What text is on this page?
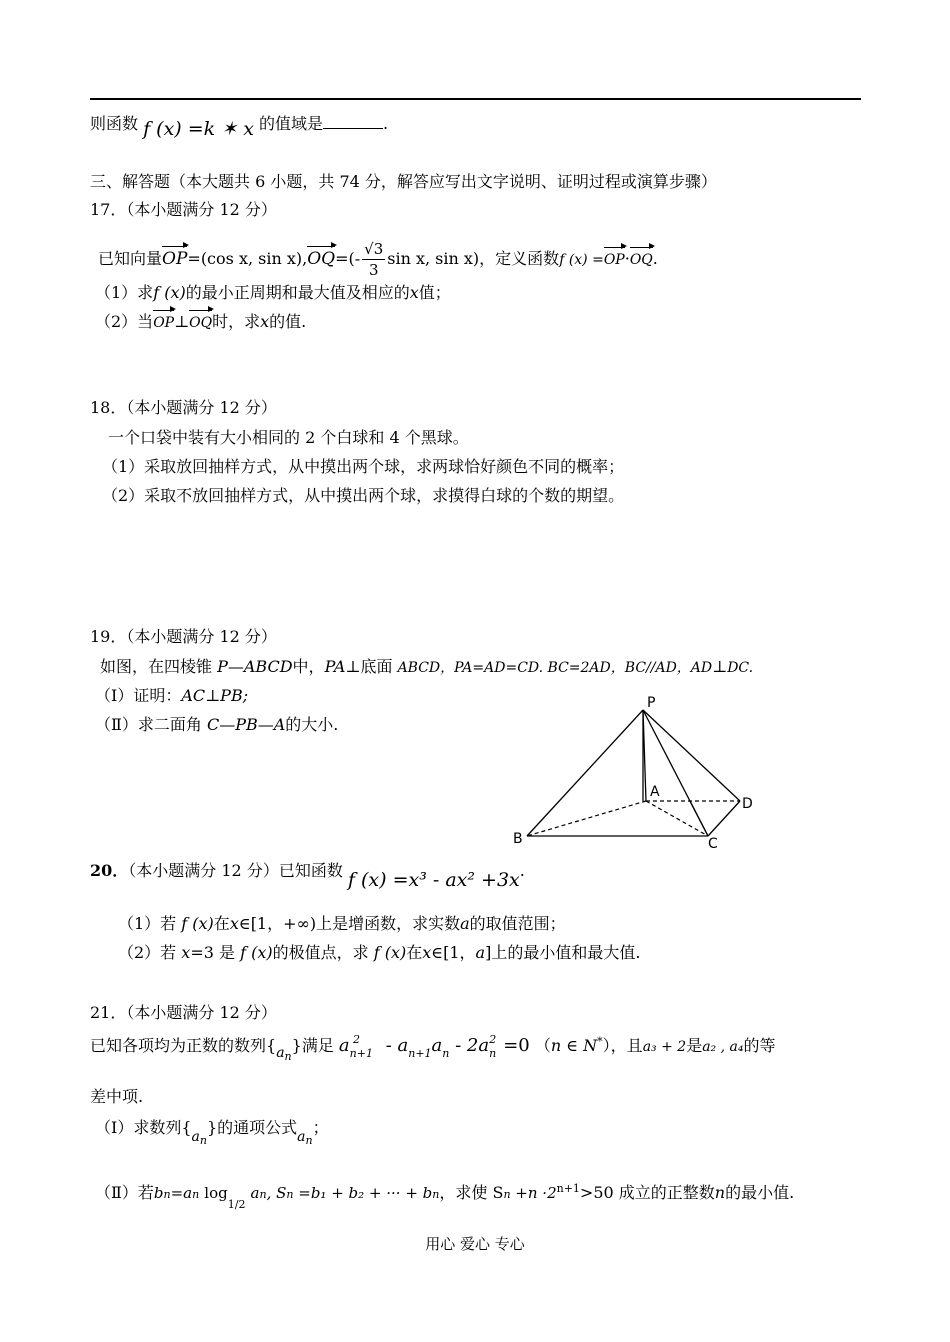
则函数 f (x) =k ✶ x 的值域是	.
三、解答题（本大题共 6 小题，共 74 分，解答应写出文字说明、证明过程或演算步骤）
17．（本小题满分 12 分）
已知向量OP=(cos x, $\sin x),OQ=(- \frac{√3}{3}$ sin x, sin x)，定义函数f (x) =OP·OQ.
（1）求f (x)的最小正周期和最大值及相应的x值；
（2）当OP⊥OQ时，求x的值.
18．（本小题满分 12 分）
一个口袋中装有大小相同的 2 个白球和 4 个黑球。
（1）采取放回抽样方式，从中摸出两个球，求两球恰好颜色不同的概率；
（2）采取不放回抽样方式，从中摸出两个球，求摸得白球的个数的期望。
19．（本小题满分 12 分）
如图，在四棱锥 P—ABCD中，PA⊥底面 ABCD，PA=AD=CD. BC=2AD，BC//AD，AD⊥DC.
（Ⅰ）证明：AC⊥PB;
（Ⅱ）求二面角 C—PB—A的大小.
P
A
B	C
D
20．（本小题满分 12 分）已知函数 f (x) =x³ - ax² +3x.
（1）若 f (x)在x∈[1，+∞)上是增函数，求实数a的取值范围；
（2）若 x=3 是 f (x)的极值点，求 f (x)在x∈[1，a]上的最小值和最大值.
21．（本小题满分 12 分）
已知各项均为正数的数列$\{a_n\}$满足 $a_{n+1}^2 - a_{n+1}a_n - 2a_n^2 =0$ （n ∈ N*），且a₃ + 2是a₂ , a₄的等
差中项.
（Ⅰ）求数列$\{a_n\}$的通项公式$a_n$；
（Ⅱ）若bn=an $\log_{1/2}$ an, Sn =b₁ + b₂ + ··· + bn，求使 $Sn +n \cdot 2^{n+1}>50$ 成立的正整数n的最小值.
用心 爱心 专心
